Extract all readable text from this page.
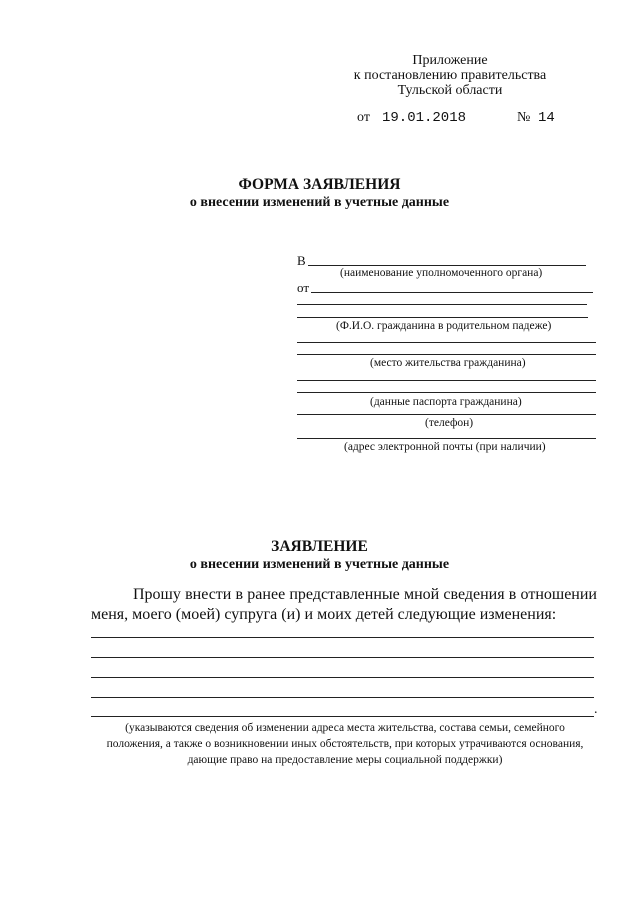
Приложение
к постановлению правительства
Тульской области
от 19.01.2018	№ 14
ФОРМА ЗАЯВЛЕНИЯ
о внесении изменений в учетные данные
В
(наименование уполномоченного органа)
от
(Ф.И.О. гражданина в родительном падеже)
(место жительства гражданина)
(данные паспорта гражданина)
(телефон)
(адрес электронной почты (при наличии)
ЗАЯВЛЕНИЕ
о внесении изменений в учетные данные
Прошу внести в ранее представленные мной сведения в отношении
меня, моего (моей) супруга (и) и моих детей следующие изменения:
.
(указываются сведения об изменении адреса места жительства, состава семьи, семейного
положения, а также о возникновении иных обстоятельств, при которых утрачиваются основания,
дающие право на предоставление меры социальной поддержки)
